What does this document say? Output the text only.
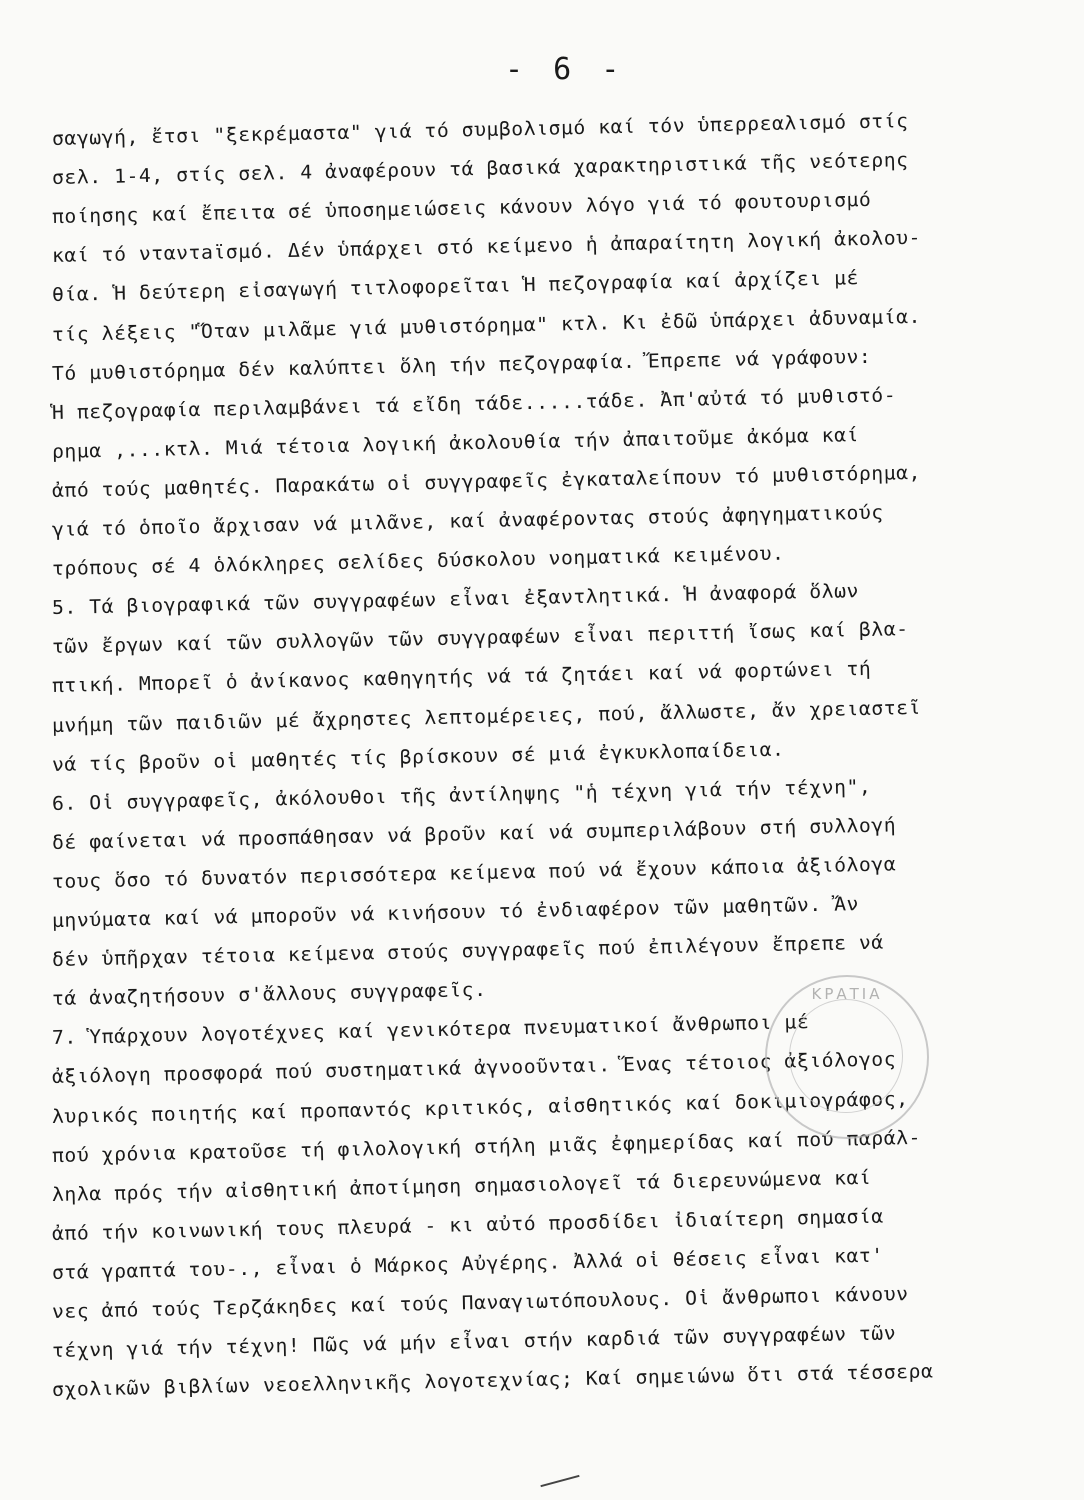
- 6 -
σαγωγή, ἔτσι "ξεκρέμαστα" γιά τό συμβολισμό καί τόν ὑπερρεαλισμό στίς
σελ. 1-4, στίς σελ. 4 ἀναφέρουν τά βασικά χαρακτηριστικά τῆς νεότερης
ποίησης καί ἔπειτα σέ ὑποσημειώσεις κάνουν λόγο γιά τό φουτουρισμό
καί τό νταντaϊσμό. Δέν ὑπάρχει στό κείμενο ἡ ἀπαραίτητη λογική ἀκολου-
θία. Ἡ δεύτερη εἰσαγωγή τιτλοφορεῖται Ἡ πεζογραφία καί ἀρχίζει μέ
τίς λέξεις "Ὅταν μιλᾶμε γιά μυθιστόρημα" κτλ. Κι ἐδῶ ὑπάρχει ἀδυναμία.
Τό μυθιστόρημα δέν καλύπτει ὅλη τήν πεζογραφία. Ἔπρεπε νά γράφουν:
Ἡ πεζογραφία περιλαμβάνει τά εἴδη τάδε.....τάδε. Ἀπ'αὐτά τό μυθιστό-
ρημα ,...κτλ. Μιά τέτοια λογική ἀκολουθία τήν ἀπαιτοῦμε ἀκόμα καί
ἀπό τούς μαθητές. Παρακάτω οἱ συγγραφεῖς ἐγκαταλείπουν τό μυθιστόρημα,
γιά τό ὁποῖο ἄρχισαν νά μιλᾶνε, καί ἀναφέροντας στούς ἀφηγηματικούς
τρόπους σέ 4 ὁλόκληρες σελίδες δύσκολου νοηματικά κειμένου.
5. Τά βιογραφικά τῶν συγγραφέων εἶναι ἐξαντλητικά. Ἡ ἀναφορά ὅλων
τῶν ἔργων καί τῶν συλλογῶν τῶν συγγραφέων εἶναι περιττή ἴσως καί βλα-
πτική. Μπορεῖ ὁ ἀνίκανος καθηγητής νά τά ζητάει καί νά φορτώνει τή
μνήμη τῶν παιδιῶν μέ ἄχρηστες λεπτομέρειες, πού, ἄλλωστε, ἄν χρειαστεῖ
νά τίς βροῦν οἱ μαθητές τίς βρίσκουν σέ μιά ἐγκυκλοπαίδεια.
6. Οἱ συγγραφεῖς, ἀκόλουθοι τῆς ἀντίληψης "ἡ τέχνη γιά τήν τέχνη",
δέ φαίνεται νά προσπάθησαν νά βροῦν καί νά συμπεριλάβουν στή συλλογή
τους ὅσο τό δυνατόν περισσότερα κείμενα πού νά ἔχουν κάποια ἀξιόλογα
μηνύματα καί νά μποροῦν νά κινήσουν τό ἐνδιαφέρον τῶν μαθητῶν. Ἄν
δέν ὑπῆρχαν τέτοια κείμενα στούς συγγραφεῖς πού ἐπιλέγουν ἔπρεπε νά
τά ἀναζητήσουν σ'ἄλλους συγγραφεῖς.
7. Ὑπάρχουν λογοτέχνες καί γενικότερα πνευματικοί ἄνθρωποι μέ
ἀξιόλογη προσφορά πού συστηματικά ἀγνοοῦνται. Ἕνας τέτοιος ἀξιόλογος
λυρικός ποιητής καί προπαντός κριτικός, αἰσθητικός καί δοκιμιογράφος,
πού χρόνια κρατοῦσε τή φιλολογική στήλη μιᾶς ἐφημερίδας καί πού παράλ-
ληλα πρός τήν αἰσθητική ἀποτίμηση σημασιολογεῖ τά διερευνώμενα καί
ἀπό τήν κοινωνική τους πλευρά - κι αὐτό προσδίδει ἰδιαίτερη σημασία
στά γραπτά του-., εἶναι ὁ Μάρκος Αὐγέρης. Ἀλλά οἱ θέσεις εἶναι κατ'
νες ἀπό τούς Τερζάκηδες καί τούς Παναγιωτόπουλους. Οἱ ἄνθρωποι κάνουν
τέχνη γιά τήν τέχνη! Πῶς νά μήν εἶναι στήν καρδιά τῶν συγγραφέων τῶν
σχολικῶν βιβλίων νεοελληνικῆς λογοτεχνίας; Καί σημειώνω ὅτι στά τέσσερα
ΚΡΑΤΙΑ
